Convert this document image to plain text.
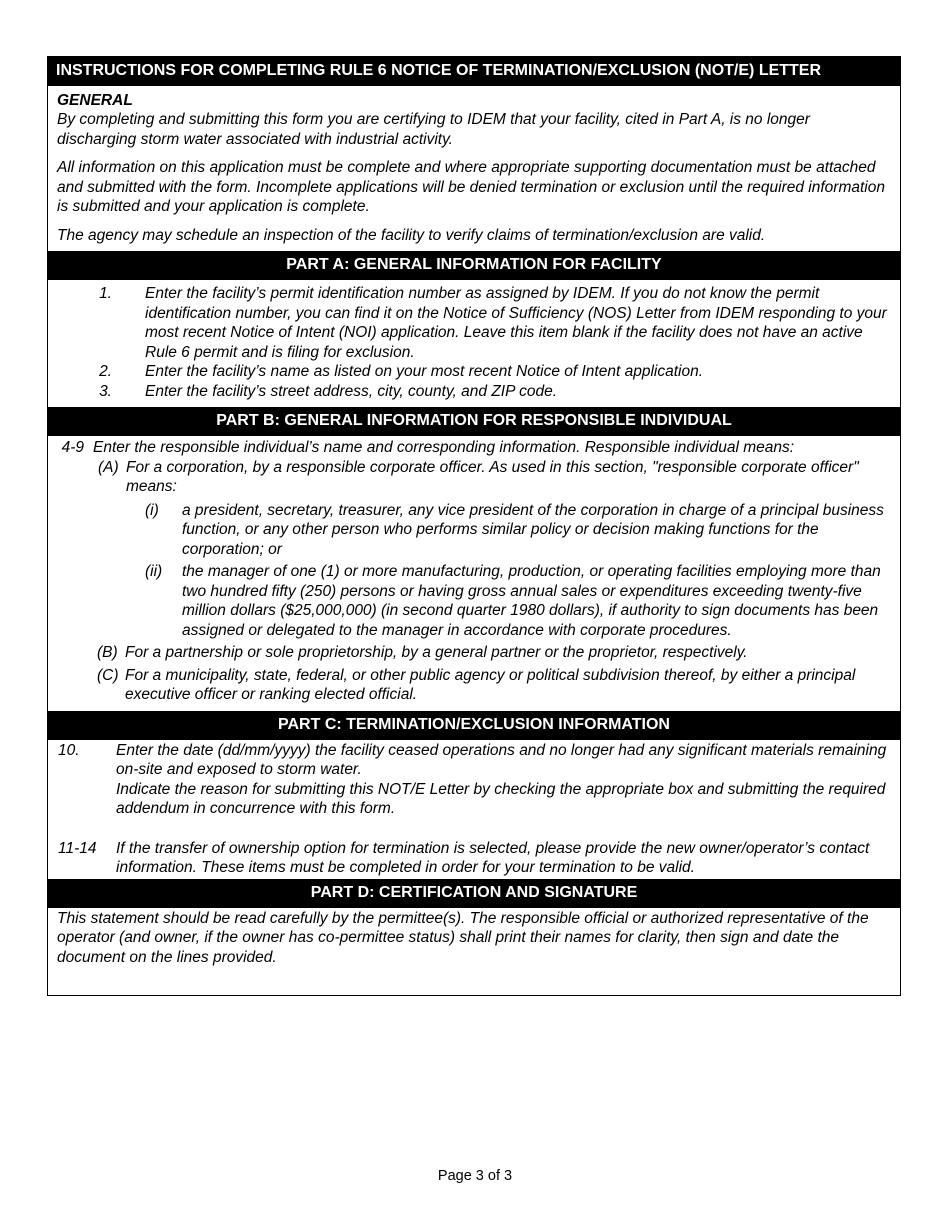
INSTRUCTIONS FOR COMPLETING RULE 6 NOTICE OF TERMINATION/EXCLUSION (NOT/E) LETTER
GENERAL

By completing and submitting this form you are certifying to IDEM that your facility, cited in Part A, is no longer discharging storm water associated with industrial activity.

All information on this application must be complete and where appropriate supporting documentation must be attached and submitted with the form. Incomplete applications will be denied termination or exclusion until the required information is submitted and your application is complete.

The agency may schedule an inspection of the facility to verify claims of termination/exclusion are valid.

PART A: GENERAL INFORMATION FOR FACILITY
1.	Enter the facility’s permit identification number as assigned by IDEM. If you do not know the permit identification number, you can find it on the Notice of Sufficiency (NOS) Letter from IDEM responding to your most recent Notice of Intent (NOI) application. Leave this item blank if the facility does not have an active Rule 6 permit and is filing for exclusion.
2.	Enter the facility’s name as listed on your most recent Notice of Intent application.
3.	Enter the facility’s street address, city, county, and ZIP code.
PART B: GENERAL INFORMATION FOR RESPONSIBLE INDIVIDUAL
4-9 Enter the responsible individual’s name and corresponding information. Responsible individual means:
(A) For a corporation, by a responsible corporate officer. As used in this section, "responsible corporate officer" means:
(i)	a president, secretary, treasurer, any vice president of the corporation in charge of a principal business function, or any other person who performs similar policy or decision making functions for the corporation; or
(ii)	the manager of one (1) or more manufacturing, production, or operating facilities employing more than two hundred fifty (250) persons or having gross annual sales or expenditures exceeding twenty-five million dollars ($25,000,000) (in second quarter 1980 dollars), if authority to sign documents has been assigned or delegated to the manager in accordance with corporate procedures.
(B) For a partnership or sole proprietorship, by a general partner or the proprietor, respectively.
(C) For a municipality, state, federal, or other public agency or political subdivision thereof, by either a principal executive officer or ranking elected official.
PART C: TERMINATION/EXCLUSION INFORMATION
10.	Enter the date (dd/mm/yyyy) the facility ceased operations and no longer had any significant materials remaining on-site and exposed to storm water.
Indicate the reason for submitting this NOT/E Letter by checking the appropriate box and submitting the required addendum in concurrence with this form.
11-14	If the transfer of ownership option for termination is selected, please provide the new owner/operator’s contact information. These items must be completed in order for your termination to be valid.
PART D: CERTIFICATION AND SIGNATURE

This statement should be read carefully by the permittee(s). The responsible official or authorized representative of the operator (and owner, if the owner has co-permittee status) shall print their names for clarity, then sign and date the document on the lines provided.

Page 3 of 3
